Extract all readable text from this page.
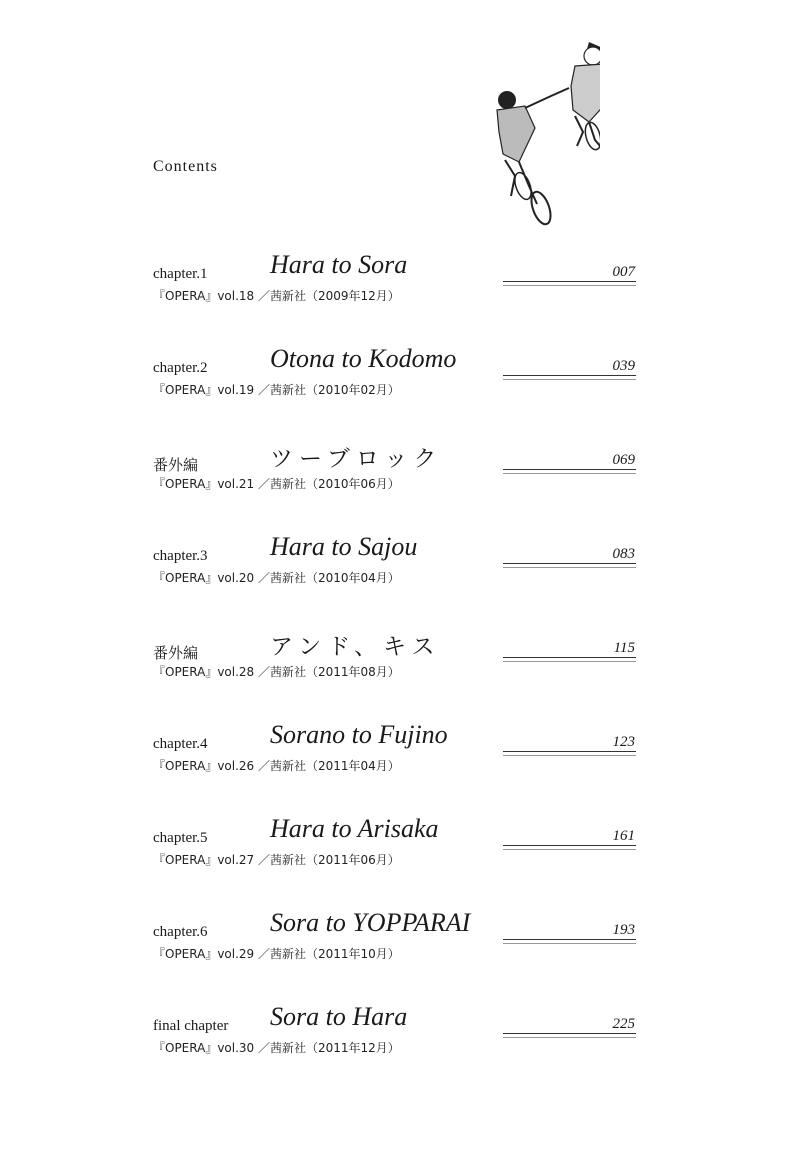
Contents
chapter.1 Hara to Sora	007
『OPERA』vol.18 ／茜新社（2009年12月）
chapter.2 Otona to Kodomo	039
『OPERA』vol.19 ／茜新社（2010年02月）
番外編	ツーブロック	069
『OPERA』vol.21 ／茜新社（2010年06月）
chapter.3 Hara to Sajou	083
『OPERA』vol.20 ／茜新社（2010年04月）
番外編	アンド、キス	115
『OPERA』vol.28 ／茜新社（2011年08月）
chapter.4 Sorano to Fujino	123
『OPERA』vol.26 ／茜新社（2011年04月）
chapter.5 Hara to Arisaka	161
『OPERA』vol.27 ／茜新社（2011年06月）
chapter.6 Sora to YOPPARAI	193
『OPERA』vol.29 ／茜新社（2011年10月）
final chapter Sora to Hara	225
『OPERA』vol.30 ／茜新社（2011年12月）
